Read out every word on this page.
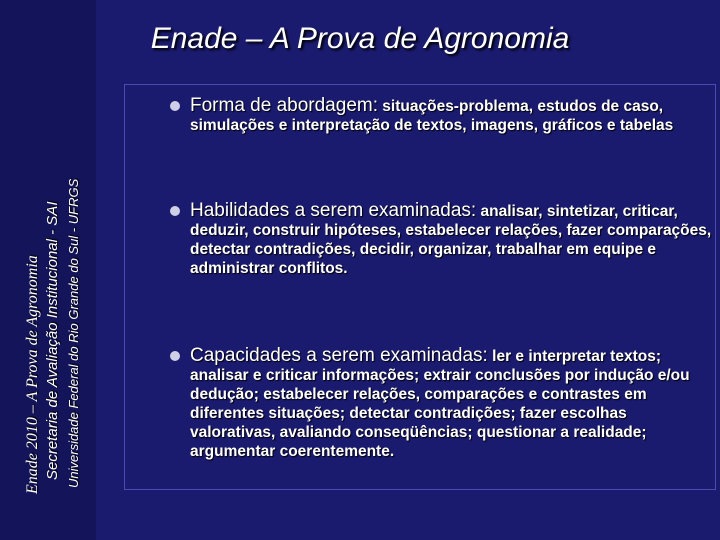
Enade 2010 – A Prova de Agronomia Secretaria de Avaliação Institucional - SAI Universidade Federal do Rio Grande do Sul - UFRGS
Enade – A Prova de Agronomia
Forma de abordagem: situações-problema, estudos de caso, simulações e interpretação de textos, imagens, gráficos e tabelas
Habilidades a serem examinadas: analisar, sintetizar, criticar, deduzir, construir hipóteses, estabelecer relações, fazer comparações, detectar contradições, decidir, organizar, trabalhar em equipe e administrar conflitos.
Capacidades a serem examinadas: ler e interpretar textos; analisar e criticar informações; extrair conclusões por indução e/ou dedução; estabelecer relações, comparações e contrastes em diferentes situações; detectar contradições; fazer escolhas valorativas, avaliando conseqüências; questionar a realidade; argumentar coerentemente.
